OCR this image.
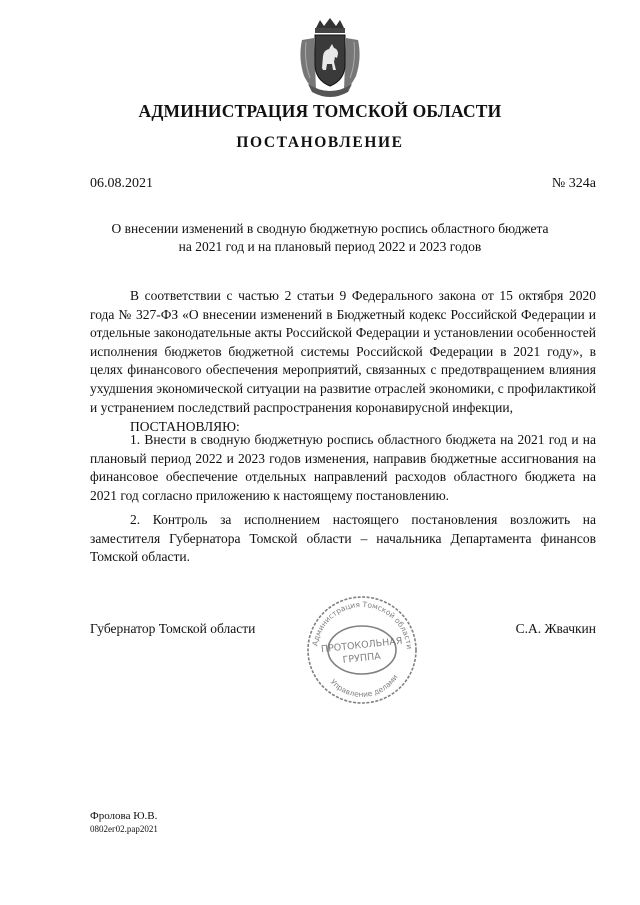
АДМИНИСТРАЦИЯ ТОМСКОЙ ОБЛАСТИ
ПОСТАНОВЛЕНИЕ
06.08.2021	№ 324а
О внесении изменений в сводную бюджетную роспись областного бюджета на 2021 год и на плановый период 2022 и 2023 годов
В соответствии с частью 2 статьи 9 Федерального закона от 15 октября 2020 года № 327-ФЗ «О внесении изменений в Бюджетный кодекс Российской Федерации и отдельные законодательные акты Российской Федерации и установлении особенностей исполнения бюджетов бюджетной системы Российской Федерации в 2021 году», в целях финансового обеспечения мероприятий, связанных с предотвращением влияния ухудшения экономической ситуации на развитие отраслей экономики, с профилактикой и устранением последствий распространения коронавирусной инфекции,
ПОСТАНОВЛЯЮ:
1. Внести в сводную бюджетную роспись областного бюджета на 2021 год и на плановый период 2022 и 2023 годов изменения, направив бюджетные ассигнования на финансовое обеспечение отдельных направлений расходов областного бюджета на 2021 год согласно приложению к настоящему постановлению.
2. Контроль за исполнением настоящего постановления возложить на заместителя Губернатора Томской области – начальника Департамента финансов Томской области.
Губернатор Томской области	С.А. Жвачкин
Администрация Томской области
Управление делами
ПРОТОКОЛЬНАЯ
ГРУППА
Фролова Ю.В.
0802ег02.рар2021
